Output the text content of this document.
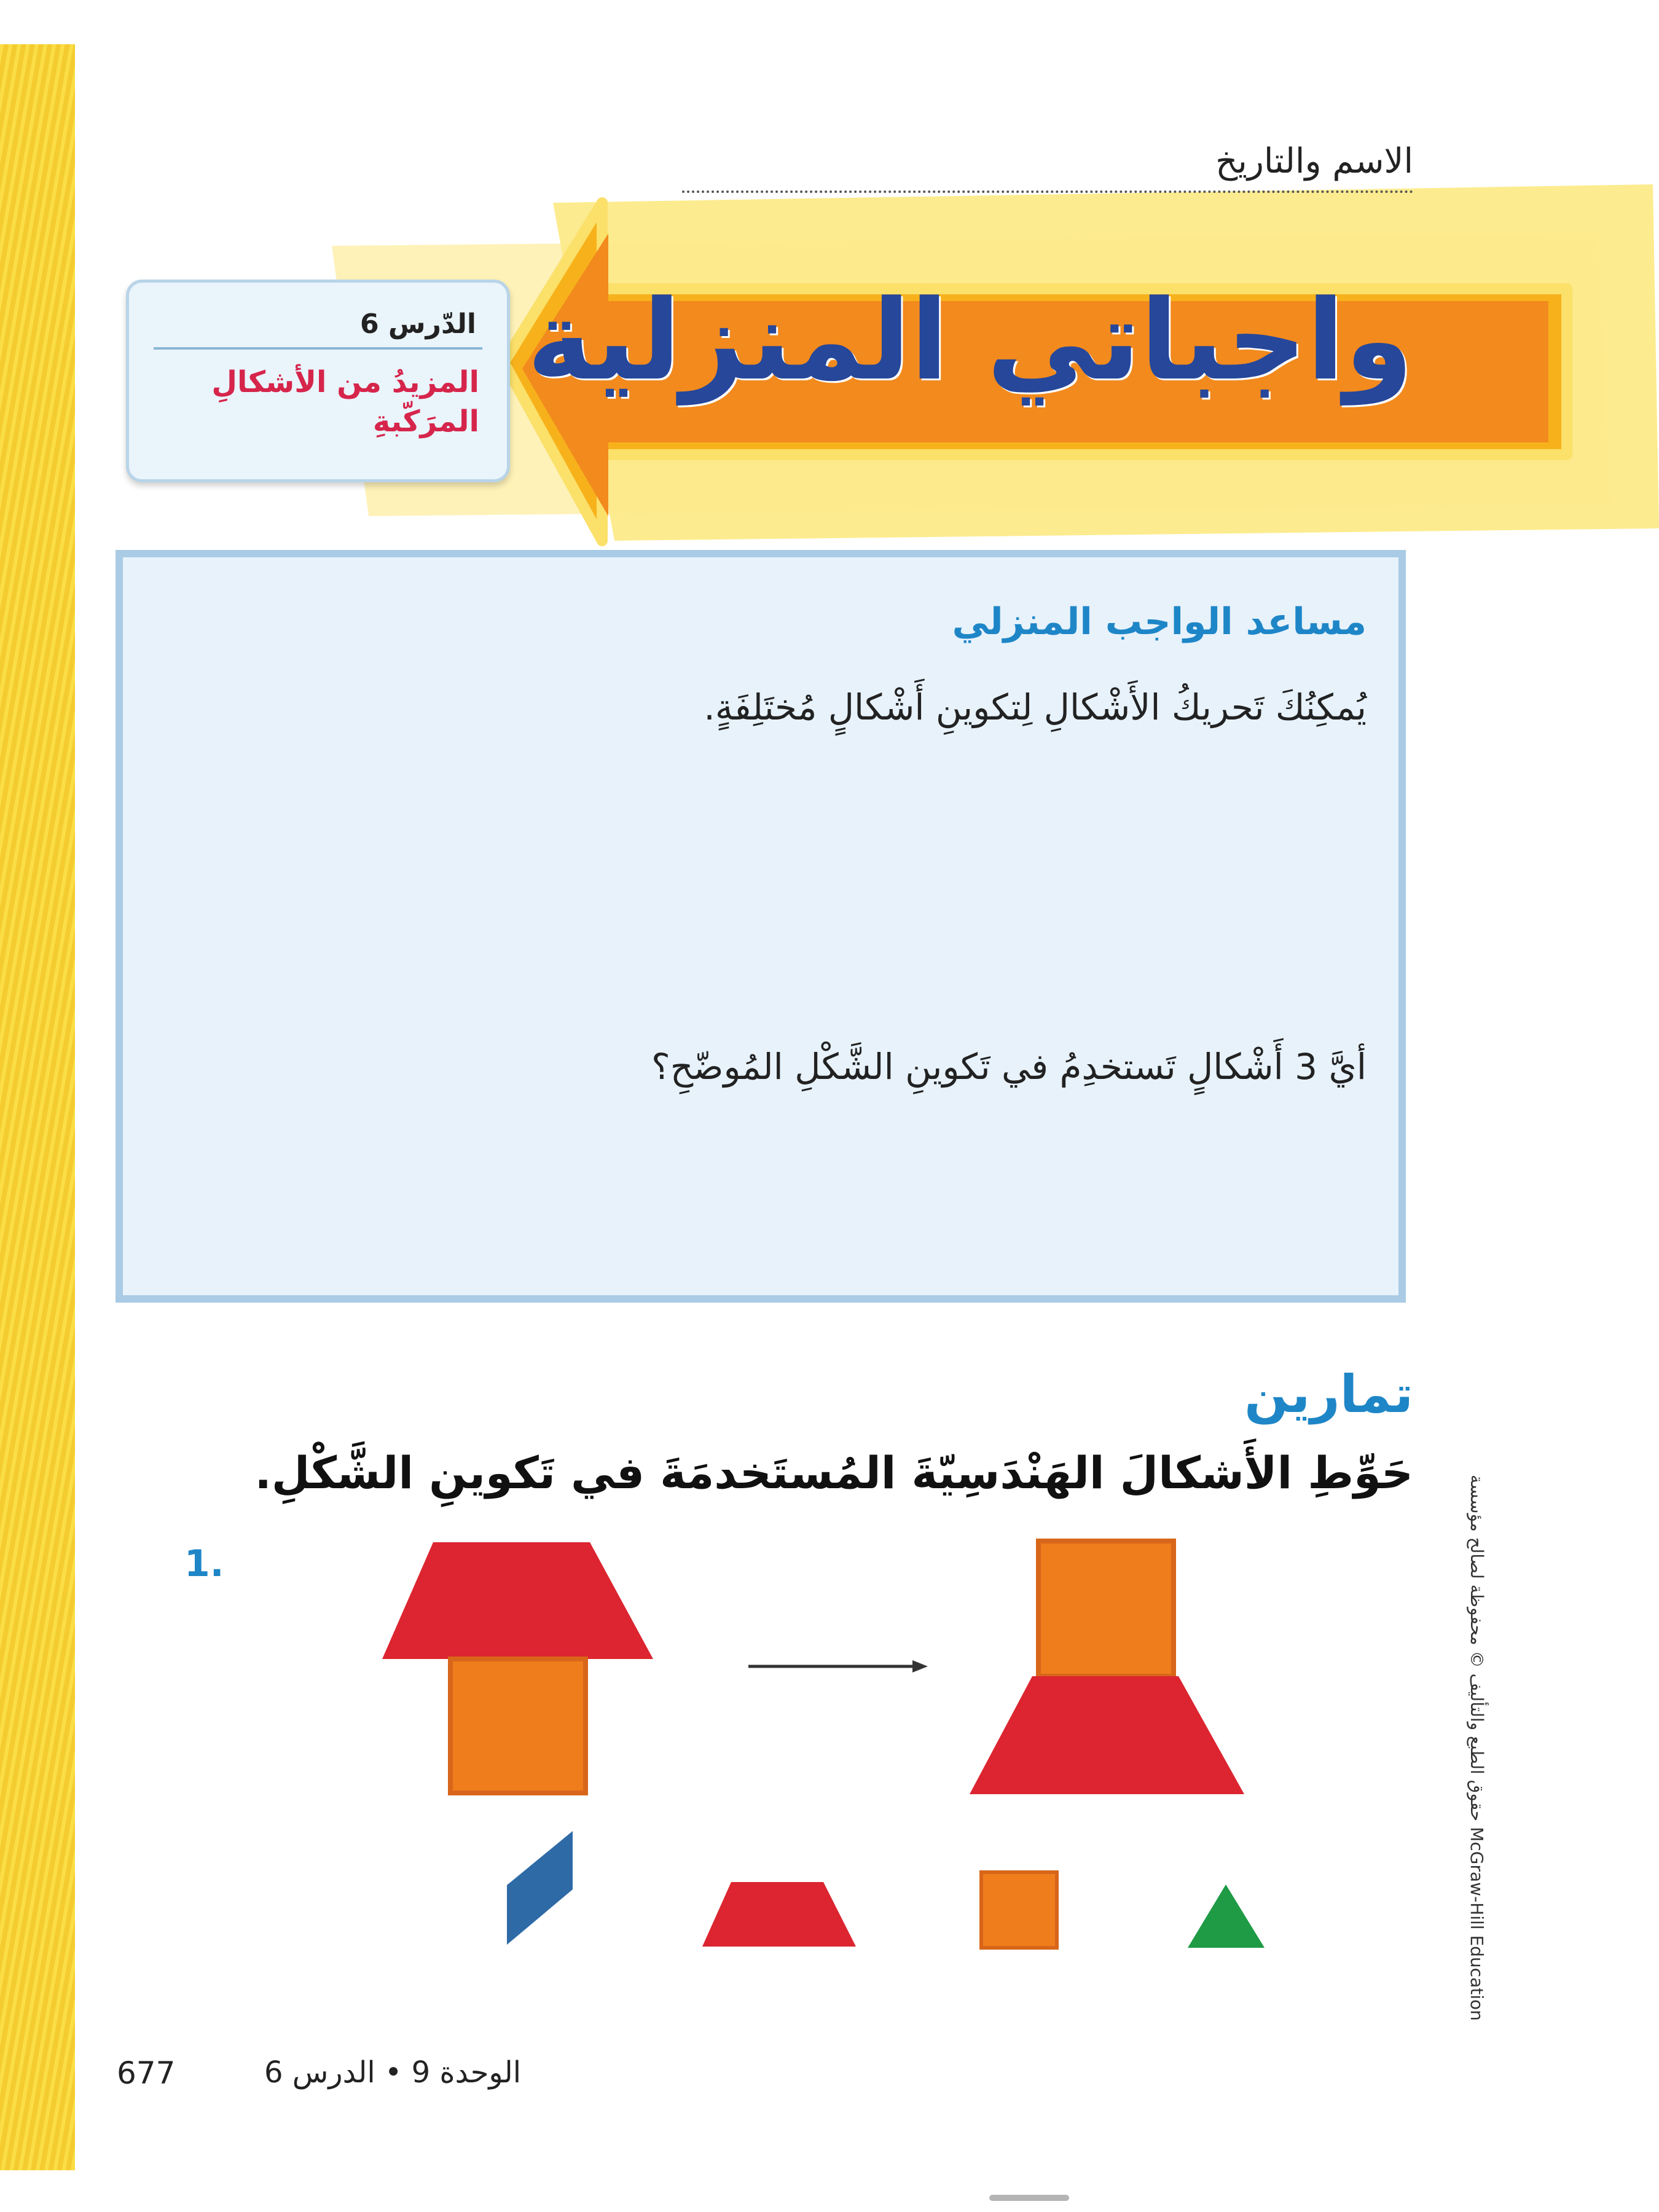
الاسم والتاريخ
واجباتي المنزلية
الدّرس 6
المزيدُ من الأشكالِ المرَكّبةِ
مساعد الواجب المنزلي
يُمكِنُكَ تَحريكُ الأَشْكالِ لِتكوينِ أَشْكالٍ مُختَلِفَةٍ.
أيَّ 3 أَشْكالٍ تَستخدِمُ في تَكوينِ الشَّكْلِ المُوضّحِ؟
تمارين
حَوِّطِ الأَشكالَ الهَنْدَسِيّةَ المُستَخدمَةَ في تَكوينِ الشَّكْلِ.
1.	حقوق الطبع والتأليف © محفوظة لصالح مؤسسة McGraw-Hill Education
677	الوحدة 9 • الدرس 6
